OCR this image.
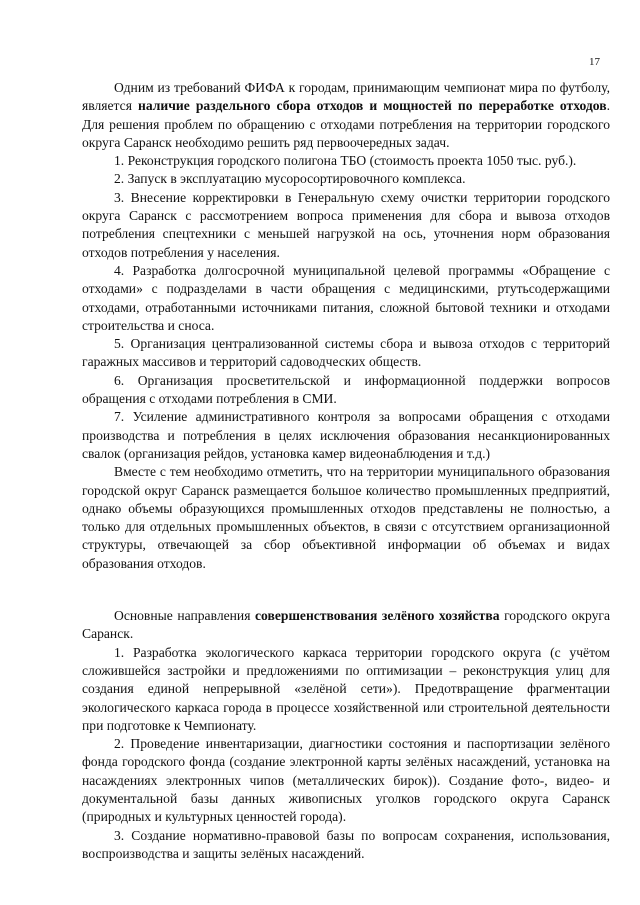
17

Одним из требований ФИФА к городам, принимающим чемпионат мира по футболу, является наличие раздельного сбора отходов и мощностей по переработке отходов. Для решения проблем по обращению с отходами потребления на территории городского округа Саранск необходимо решить ряд первоочередных задач.

1. Реконструкция городского полигона ТБО (стоимость проекта 1050 тыс. руб.).

2. Запуск в эксплуатацию мусоросортировочного комплекса.

3. Внесение корректировки в Генеральную схему очистки территории городского округа Саранск с рассмотрением вопроса применения для сбора и вывоза отходов потребления спецтехники с меньшей нагрузкой на ось, уточнения норм образования отходов потребления у населения.

4. Разработка долгосрочной муниципальной целевой программы «Обращение с отходами» с подразделами в части обращения с медицинскими, ртутьсодержащими отходами, отработанными источниками питания, сложной бытовой техники и отходами строительства и сноса.

5. Организация централизованной системы сбора и вывоза отходов с территорий гаражных массивов и территорий садоводческих обществ.

6. Организация просветительской и информационной поддержки вопросов обращения с отходами потребления в СМИ.

7. Усиление административного контроля за вопросами обращения с отходами производства и потребления в целях исключения образования несанкционированных свалок (организация рейдов, установка камер видеонаблюдения и т.д.)

Вместе с тем необходимо отметить, что на территории муниципального образования городской округ Саранск размещается большое количество промышленных предприятий, однако объемы образующихся промышленных отходов представлены не полностью, а только для отдельных промышленных объектов, в связи с отсутствием организационной структуры, отвечающей за сбор объективной информации об объемах и видах образования отходов.

Основные направления совершенствования зелёного хозяйства городского округа Саранск.

1. Разработка экологического каркаса территории городского округа (с учётом сложившейся застройки и предложениями по оптимизации – реконструкция улиц для создания единой непрерывной «зелёной сети»). Предотвращение фрагментации экологического каркаса города в процессе хозяйственной или строительной деятельности при подготовке к Чемпионату.

2. Проведение инвентаризации, диагностики состояния и паспортизации зелёного фонда городского фонда (создание электронной карты зелёных насаждений, установка на насаждениях электронных чипов (металлических бирок)). Создание фото-, видео- и документальной базы данных живописных уголков городского округа Саранск (природных и культурных ценностей города).

3. Создание нормативно-правовой базы по вопросам сохранения, использования, воспроизводства и защиты зелёных насаждений.
